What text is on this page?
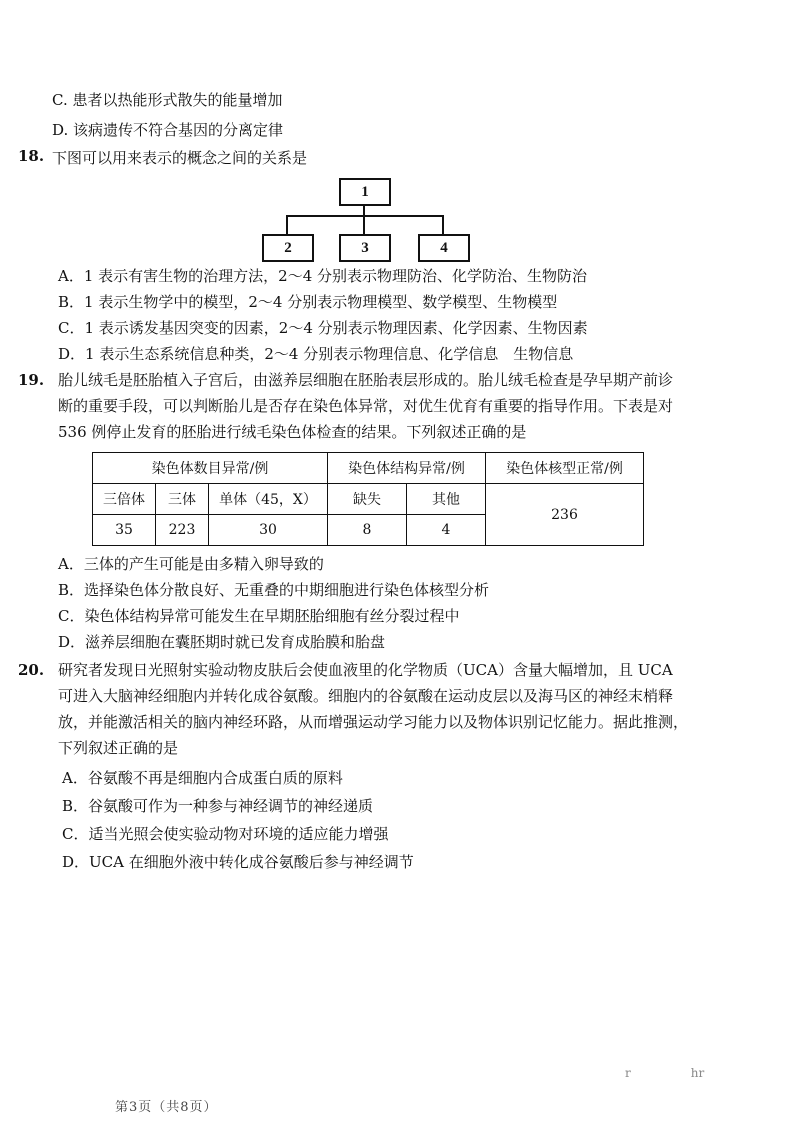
C. 患者以热能形式散失的能量增加
D. 该病遗传不符合基因的分离定律
18. 下图可以用来表示的概念之间的关系是
1
2	3	4
A．1 表示有害生物的治理方法，2～4 分别表示物理防治、化学防治、生物防治
B．1 表示生物学中的模型，2～4 分别表示物理模型、数学模型、生物模型
C．1 表示诱发基因突变的因素，2～4 分别表示物理因素、化学因素、生物因素
D．1 表示生态系统信息种类，2～4 分别表示物理信息、化学信息　生物信息
19. 胎儿绒毛是胚胎植入子宫后，由滋养层细胞在胚胎表层形成的。胎儿绒毛检查是孕早期产前诊
断的重要手段，可以判断胎儿是否存在染色体异常，对优生优育有重要的指导作用。下表是对
536 例停止发育的胚胎进行绒毛染色体检查的结果。下列叙述正确的是
染色体数目异常/例			染色体结构异常/例		染色体核型正常/例
三倍体	三体	单体（45，X）	缺失	其他	236
35	223	30	8	4	
A．三体的产生可能是由多精入卵导致的
B．选择染色体分散良好、无重叠的中期细胞进行染色体核型分析
C．染色体结构异常可能发生在早期胚胎细胞有丝分裂过程中
D．滋养层细胞在囊胚期时就已发育成胎膜和胎盘
20. 研究者发现日光照射实验动物皮肤后会使血液里的化学物质（UCA）含量大幅增加，且 UCA
可进入大脑神经细胞内并转化成谷氨酸。细胞内的谷氨酸在运动皮层以及海马区的神经末梢释
放，并能激活相关的脑内神经环路，从而增强运动学习能力以及物体识别记忆能力。据此推测，
下列叙述正确的是
A．谷氨酸不再是细胞内合成蛋白质的原料
B．谷氨酸可作为一种参与神经调节的神经递质
C．适当光照会使实验动物对环境的适应能力增强
D．UCA 在细胞外液中转化成谷氨酸后参与神经调节
r　　　　　hr
第3页（共8页）
